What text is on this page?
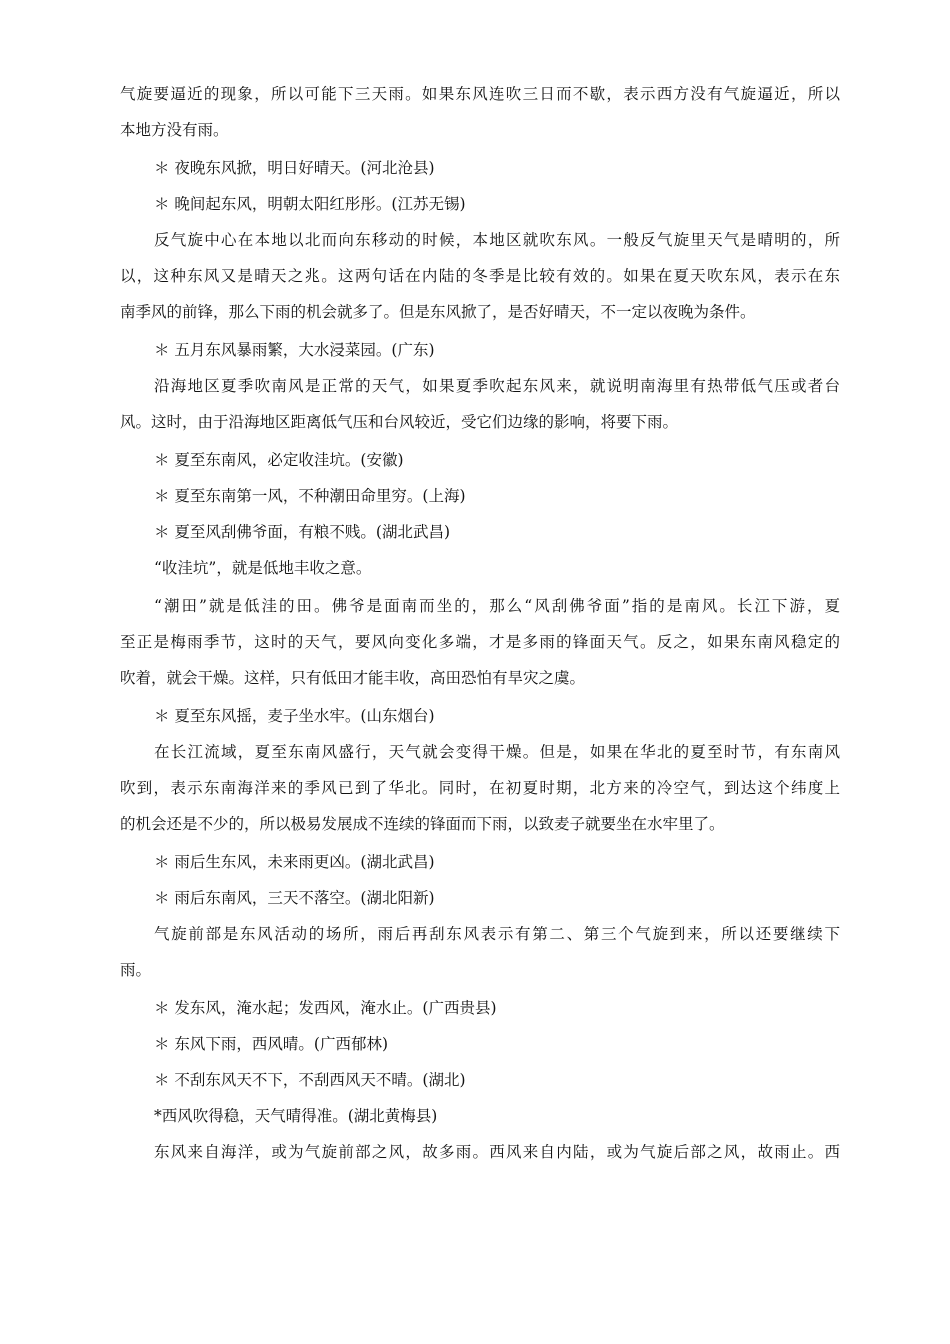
气旋要逼近的现象，所以可能下三天雨。如果东风连吹三日而不歇，表示西方没有气旋逼近，所以

本地方没有雨。

＊ 夜晚东风掀，明日好晴天。(河北沧县)

＊ 晚间起东风，明朝太阳红彤彤。(江苏无锡)

反气旋中心在本地以北而向东移动的时候，本地区就吹东风。一般反气旋里天气是晴明的，所

以，这种东风又是晴天之兆。这两句话在内陆的冬季是比较有效的。如果在夏天吹东风，表示在东

南季风的前锋，那么下雨的机会就多了。但是东风掀了，是否好晴天，不一定以夜晚为条件。

＊ 五月东风暴雨繁，大水浸菜园。(广东)

沿海地区夏季吹南风是正常的天气，如果夏季吹起东风来，就说明南海里有热带低气压或者台

风。这时，由于沿海地区距离低气压和台风较近，受它们边缘的影响，将要下雨。

＊ 夏至东南风，必定收洼坑。(安徽)

＊ 夏至东南第一风，不种潮田命里穷。(上海)

＊ 夏至风刮佛爷面，有粮不贱。(湖北武昌)

“收洼坑”，就是低地丰收之意。

“潮田”就是低洼的田。佛爷是面南而坐的，那么“风刮佛爷面”指的是南风。长江下游，夏

至正是梅雨季节，这时的天气，要风向变化多端，才是多雨的锋面天气。反之，如果东南风稳定的

吹着，就会干燥。这样，只有低田才能丰收，高田恐怕有旱灾之虞。

＊ 夏至东风摇，麦子坐水牢。(山东烟台)

在长江流域，夏至东南风盛行，天气就会变得干燥。但是，如果在华北的夏至时节，有东南风

吹到，表示东南海洋来的季风已到了华北。同时，在初夏时期，北方来的冷空气，到达这个纬度上

的机会还是不少的，所以极易发展成不连续的锋面而下雨，以致麦子就要坐在水牢里了。

＊ 雨后生东风，未来雨更凶。(湖北武昌)

＊ 雨后东南风，三天不落空。(湖北阳新)

气旋前部是东风活动的场所，雨后再刮东风表示有第二、第三个气旋到来，所以还要继续下

雨。

＊ 发东风，淹水起；发西风，淹水止。(广西贵县)

＊ 东风下雨，西风晴。(广西郁林)

＊ 不刮东风天不下，不刮西风天不晴。(湖北)

*西风吹得稳，天气晴得准。(湖北黄梅县)

东风来自海洋，或为气旋前部之风，故多雨。西风来自内陆，或为气旋后部之风，故雨止。西
